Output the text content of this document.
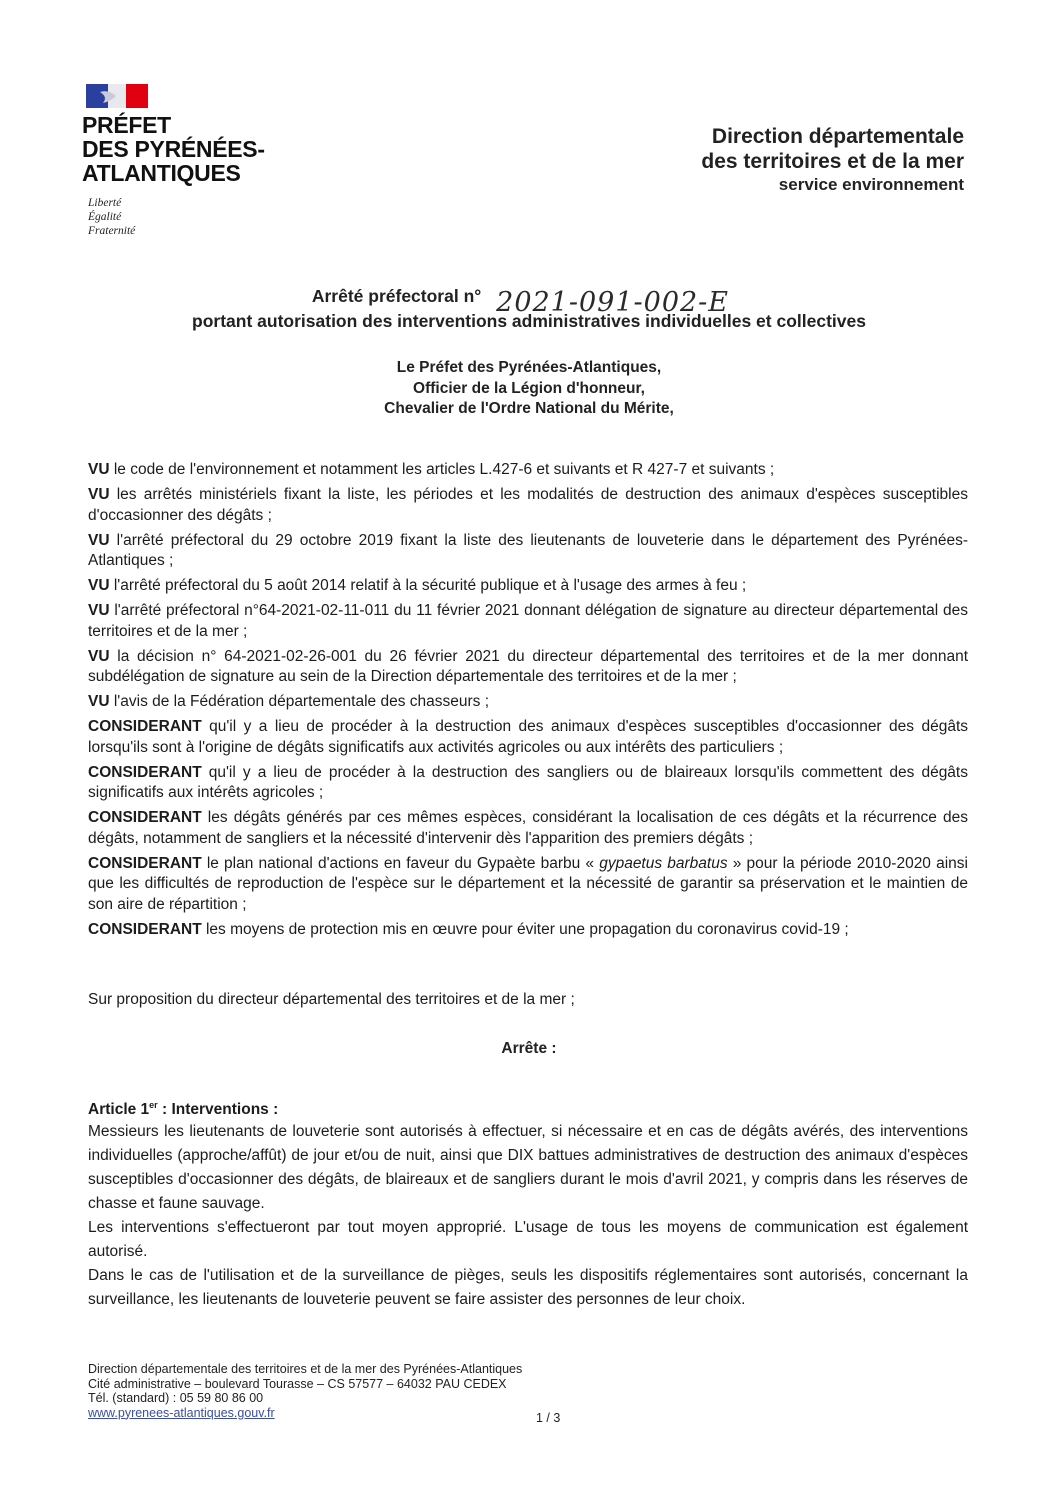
PRÉFET
DES PYRÉNÉES-
ATLANTIQUES
Liberté
Égalité
Fraternité
Direction départementale
des territoires et de la mer
service environnement
Arrêté préfectoral n° 2021-091-002-E
portant autorisation des interventions administratives individuelles et collectives
Le Préfet des Pyrénées-Atlantiques,
Officier de la Légion d'honneur,
Chevalier de l'Ordre National du Mérite,

VU le code de l'environnement et notamment les articles L.427-6 et suivants et R 427-7 et suivants ;

VU les arrêtés ministériels fixant la liste, les périodes et les modalités de destruction des animaux d'espèces susceptibles d'occasionner des dégâts ;

VU l'arrêté préfectoral du 29 octobre 2019 fixant la liste des lieutenants de louveterie dans le département des Pyrénées-Atlantiques ;

VU l'arrêté préfectoral du 5 août 2014 relatif à la sécurité publique et à l'usage des armes à feu ;

VU l'arrêté préfectoral n°64-2021-02-11-011 du 11 février 2021 donnant délégation de signature au directeur départemental des territoires et de la mer ;

VU la décision n° 64-2021-02-26-001 du 26 février 2021 du directeur départemental des territoires et de la mer donnant subdélégation de signature au sein de la Direction départementale des territoires et de la mer ;

VU l'avis de la Fédération départementale des chasseurs ;

CONSIDERANT qu'il y a lieu de procéder à la destruction des animaux d'espèces susceptibles d'occasionner des dégâts lorsqu'ils sont à l'origine de dégâts significatifs aux activités agricoles ou aux intérêts des particuliers ;

CONSIDERANT qu'il y a lieu de procéder à la destruction des sangliers ou de blaireaux lorsqu'ils commettent des dégâts significatifs aux intérêts agricoles ;

CONSIDERANT les dégâts générés par ces mêmes espèces, considérant la localisation de ces dégâts et la récurrence des dégâts, notamment de sangliers et la nécessité d'intervenir dès l'apparition des premiers dégâts ;

CONSIDERANT le plan national d'actions en faveur du Gypaète barbu « gypaetus barbatus » pour la période 2010-2020 ainsi que les difficultés de reproduction de l'espèce sur le département et la nécessité de garantir sa préservation et le maintien de son aire de répartition ;

CONSIDERANT les moyens de protection mis en œuvre pour éviter une propagation du coronavirus covid-19 ;

Sur proposition du directeur départemental des territoires et de la mer ;
Arrête :
Article 1er : Interventions :

Messieurs les lieutenants de louveterie sont autorisés à effectuer, si nécessaire et en cas de dégâts avérés, des interventions individuelles (approche/affût) de jour et/ou de nuit, ainsi que DIX battues administratives de destruction des animaux d'espèces susceptibles d'occasionner des dégâts, de blaireaux et de sangliers durant le mois d'avril 2021, y compris dans les réserves de chasse et faune sauvage.

Les interventions s'effectueront par tout moyen approprié. L'usage de tous les moyens de communication est également autorisé.

Dans le cas de l'utilisation et de la surveillance de pièges, seuls les dispositifs réglementaires sont autorisés, concernant la surveillance, les lieutenants de louveterie peuvent se faire assister des personnes de leur choix.

Direction départementale des territoires et de la mer des Pyrénées-Atlantiques
Cité administrative – boulevard Tourasse – CS 57577 – 64032 PAU CEDEX
Tél. (standard) : 05 59 80 86 00
www.pyrenees-atlantiques.gouv.fr	1 / 3
